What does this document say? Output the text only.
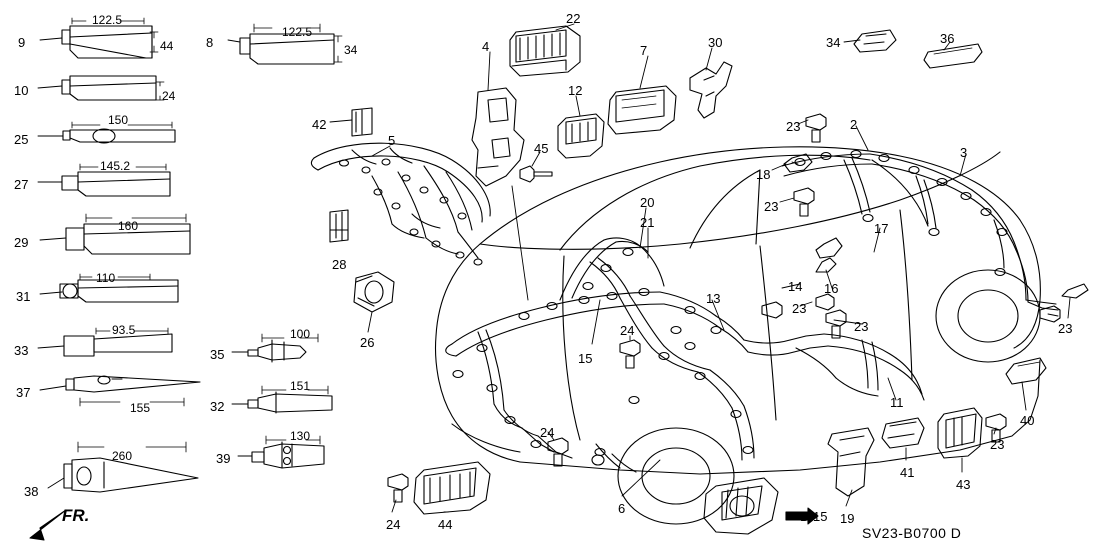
9
10
25
27
29
31
33
37
38
8
35
32
39
42
5
28
26
4
22
12
45
7
30
20
21
15
24
13
23	2
3
18
23
34	36
17
16
14
23
23	23
11
40
41
43
23
19
24
6
24	44
122.5
44
24
150
145.2
160
110
93.5
155
260
122.5
34
100
151
130
FR.	B-15
SV23-B0700 D
